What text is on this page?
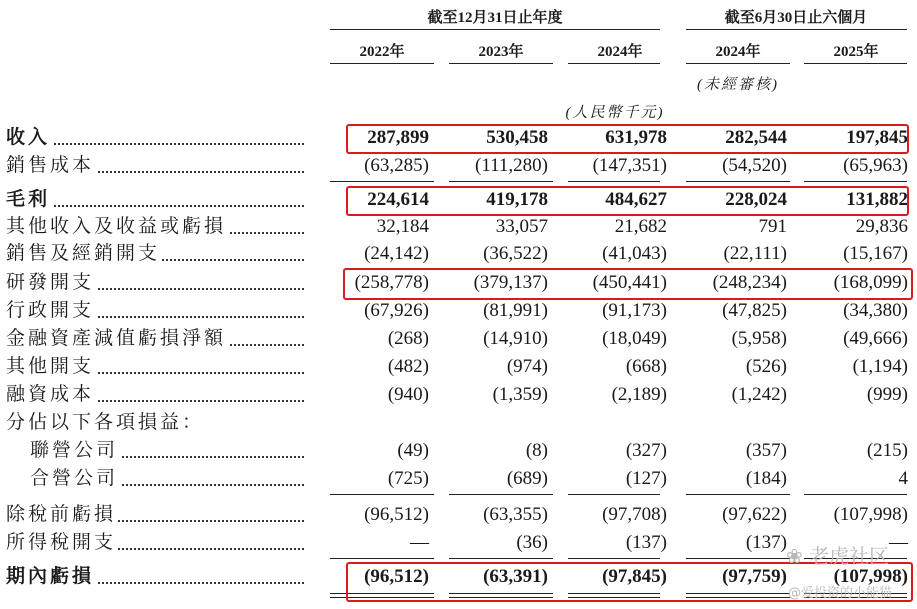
截至12月31日止年度	截至6月30日止六個月
2022年	2023年	2024年	2024年	2025年
(未經審核)
(人民幣千元)
收入	287,899	530,458	631,978	282,544	197,845
銷售成本	(63,285) (111,280) (147,351)	(54,520)	(65,963)
毛利	224,614	419,178	484,627	228,024	131,882
其他收入及收益或虧損	32,184	33,057	21,682	791	29,836
銷售及經銷開支	(24,142)	(36,522)	(41,043)	(22,111)	(15,167)
研發開支	(258,778) (379,137) (450,441) (248,234) (168,099)
行政開支	(67,926)	(81,991)	(91,173)	(47,825)	(34,380)
金融資產減值虧損淨額	(268)	(14,910)	(18,049)	(5,958)	(49,666)
其他開支	(482)	(974)	(668)	(526)	(1,194)
融資成本	(940)	(1,359)	(2,189)	(1,242)	(999)
分佔以下各項損益：
聯營公司	(49)	(8)	(327)	(357)	(215)
合營公司	(725)	(689)	(127)	(184)	4
除稅前虧損	(96,512)	(63,355)	(97,708)	(97,622) (107,998)
所得稅開支	—	(36)	(137)	(137)	—
期內虧損	(96,512)	(63,391)	(97,845)	(97,759) (107,998)
❀ 老虎社区
@爱投资的小能猫
